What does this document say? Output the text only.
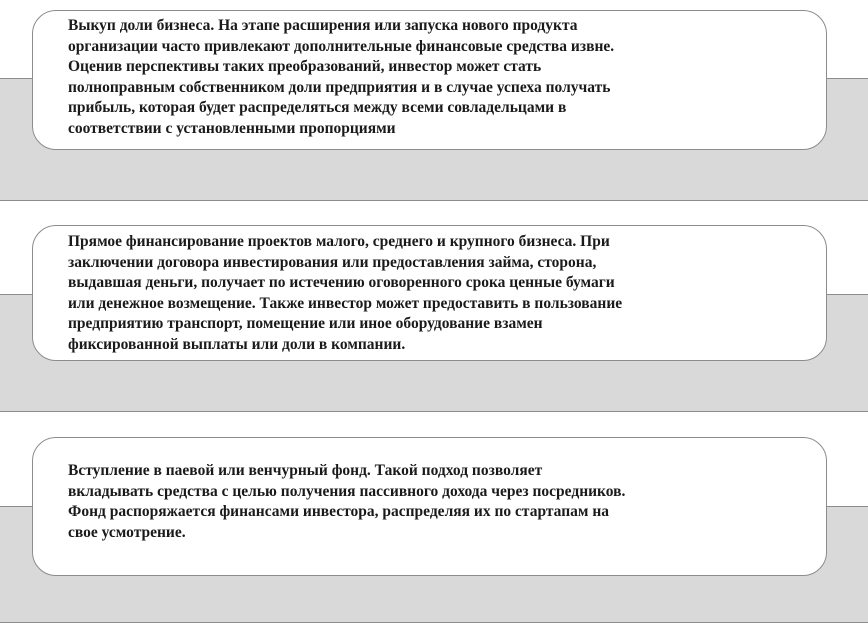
Выкуп доли бизнеса. На этапе расширения или запуска нового продукта
организации часто привлекают дополнительные финансовые средства извне.
Оценив перспективы таких преобразований, инвестор может стать
полноправным собственником доли предприятия и в случае успеха получать
прибыль, которая будет распределяться между всеми совладельцами в
соответствии с установленными пропорциями

Прямое финансирование проектов малого, среднего и крупного бизнеса. При
заключении договора инвестирования или предоставления займа, сторона,
выдавшая деньги, получает по истечению оговоренного срока ценные бумаги
или денежное возмещение. Также инвестор может предоставить в пользование
предприятию транспорт, помещение или иное оборудование взамен
фиксированной выплаты или доли в компании.

Вступление в паевой или венчурный фонд. Такой подход позволяет
вкладывать средства с целью получения пассивного дохода через посредников.
Фонд распоряжается финансами инвестора, распределяя их по стартапам на
свое усмотрение.
